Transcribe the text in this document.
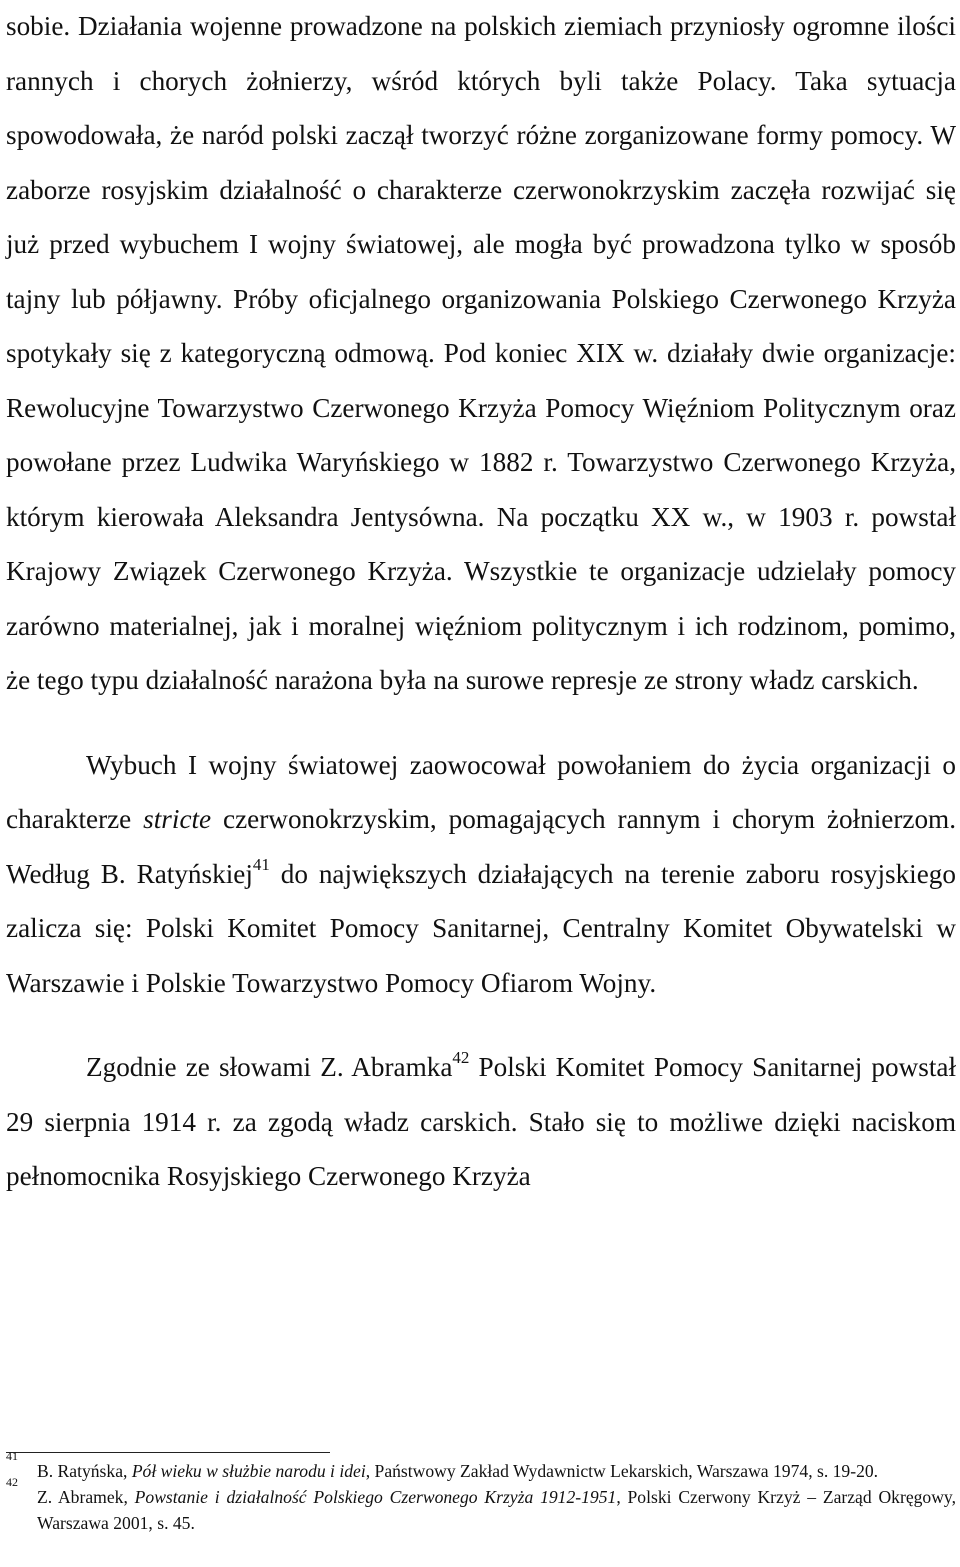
sobie. Działania wojenne prowadzone na polskich ziemiach przyniosły ogromne ilości rannych i chorych żołnierzy, wśród których byli także Polacy. Taka sytuacja spowodowała, że naród polski zaczął tworzyć różne zorganizowane formy pomocy. W zaborze rosyjskim działalność o charakterze czerwonokrzyskim zaczęła rozwijać się już przed wybuchem I wojny światowej, ale mogła być prowadzona tylko w sposób tajny lub półjawny. Próby oficjalnego organizowania Polskiego Czerwonego Krzyża spotykały się z kategoryczną odmową. Pod koniec XIX w. działały dwie organizacje: Rewolucyjne Towarzystwo Czerwonego Krzyża Pomocy Więźniom Politycznym oraz powołane przez Ludwika Waryńskiego w 1882 r. Towarzystwo Czerwonego Krzyża, którym kierowała Aleksandra Jentysówna. Na początku XX w., w 1903 r. powstał Krajowy Związek Czerwonego Krzyża. Wszystkie te organizacje udzielały pomocy zarówno materialnej, jak i moralnej więźniom politycznym i ich rodzinom, pomimo, że tego typu działalność narażona była na surowe represje ze strony władz carskich.

Wybuch I wojny światowej zaowocował powołaniem do życia organizacji o charakterze stricte czerwonokrzyskim, pomagających rannym i chorym żołnierzom. Według B. Ratyńskiej$^{41}$ do największych działających na terenie zaboru rosyjskiego zalicza się: Polski Komitet Pomocy Sanitarnej, Centralny Komitet Obywatelski w Warszawie i Polskie Towarzystwo Pomocy Ofiarom Wojny.

Zgodnie ze słowami Z. Abramka$^{42}$ Polski Komitet Pomocy Sanitarnej powstał 29 sierpnia 1914 r. za zgodą władz carskich. Stało się to możliwe dzięki naciskom pełnomocnika Rosyjskiego Czerwonego Krzyża

41
B. Ratyńska, Pół wieku w służbie narodu i idei, Państwowy Zakład Wydawnictw Lekarskich, Warszawa 1974, s. 19-20.

42
Z. Abramek, Powstanie i działalność Polskiego Czerwonego Krzyża 1912-1951, Polski Czerwony Krzyż – Zarząd Okręgowy, Warszawa 2001, s. 45.
